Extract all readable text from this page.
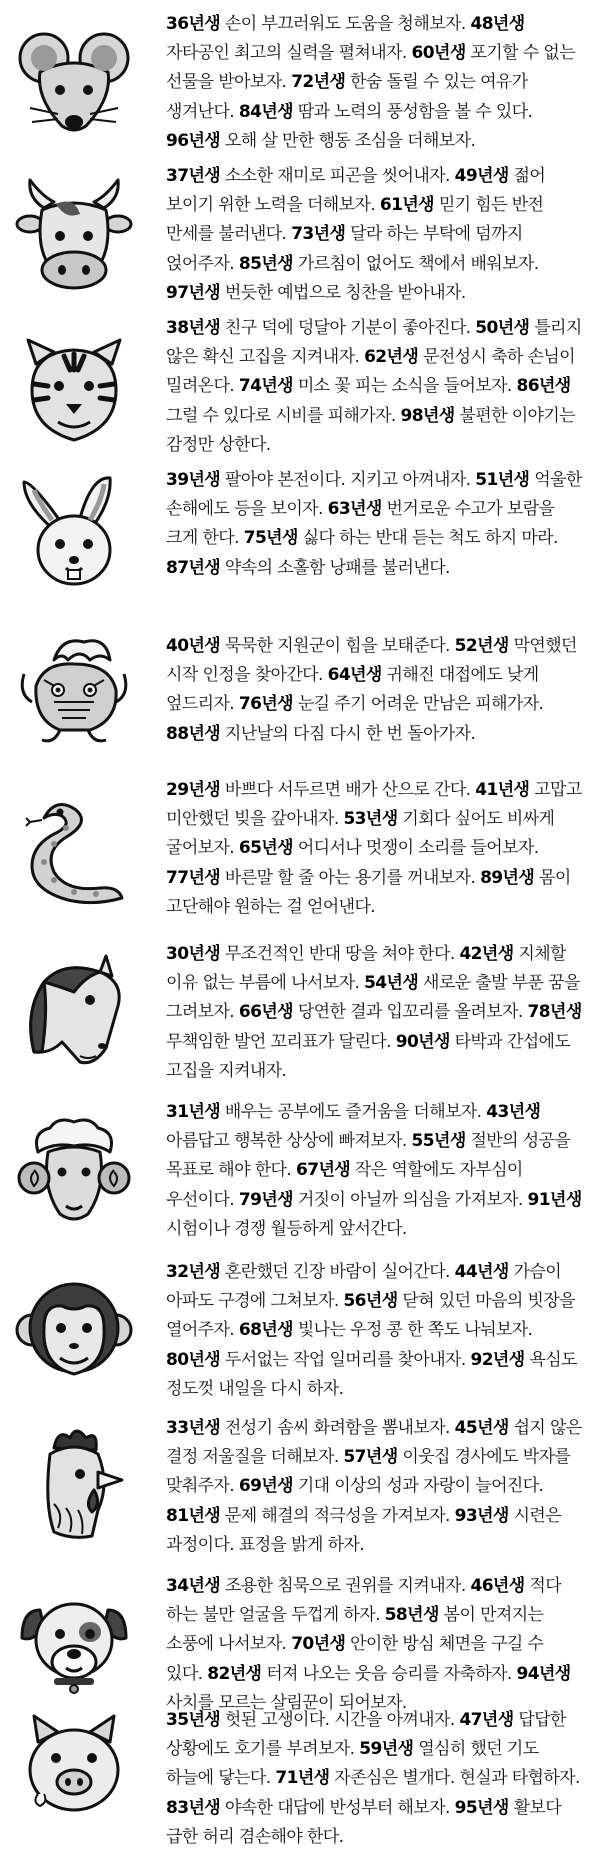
36년생 손이 부끄러워도 도움을 청해보자. 48년생 자타공인 최고의 실력을 펼쳐내자. 60년생 포기할 수 없는 선물을 받아보자. 72년생 한숨 돌릴 수 있는 여유가 생겨난다. 84년생 땀과 노력의 풍성함을 볼 수 있다. 96년생 오해 살 만한 행동 조심을 더해보자.

37년생 소소한 재미로 피곤을 씻어내자. 49년생 젊어 보이기 위한 노력을 더해보자. 61년생 믿기 힘든 반전 만세를 불러낸다. 73년생 달라 하는 부탁에 덤까지 얹어주자. 85년생 가르침이 없어도 책에서 배워보자. 97년생 번듯한 예법으로 칭찬을 받아내자.

38년생 친구 덕에 덩달아 기분이 좋아진다. 50년생 틀리지 않은 확신 고집을 지켜내자. 62년생 문전성시 축하 손님이 밀려온다. 74년생 미소 꽃 피는 소식을 들어보자. 86년생 그럴 수 있다로 시비를 피해가자. 98년생 불편한 이야기는 감정만 상한다.

39년생 팔아야 본전이다. 지키고 아껴내자. 51년생 억울한 손해에도 등을 보이자. 63년생 번거로운 수고가 보람을 크게 한다. 75년생 싫다 하는 반대 듣는 척도 하지 마라. 87년생 약속의 소홀함 낭패를 불러낸다.

40년생 묵묵한 지원군이 힘을 보태준다. 52년생 막연했던 시작 인정을 찾아간다. 64년생 귀해진 대접에도 낮게 엎드리자. 76년생 눈길 주기 어려운 만남은 피해가자. 88년생 지난날의 다짐 다시 한 번 돌아가자.

29년생 바쁘다 서두르면 배가 산으로 간다. 41년생 고맙고 미안했던 빚을 갚아내자. 53년생 기회다 싶어도 비싸게 굴어보자. 65년생 어디서나 멋쟁이 소리를 들어보자. 77년생 바른말 할 줄 아는 용기를 꺼내보자. 89년생 몸이 고단해야 원하는 걸 얻어낸다.

30년생 무조건적인 반대 땅을 쳐야 한다. 42년생 지체할 이유 없는 부름에 나서보자. 54년생 새로운 출발 부푼 꿈을 그려보자. 66년생 당연한 결과 입꼬리를 올려보자. 78년생 무책임한 발언 꼬리표가 달린다. 90년생 타박과 간섭에도 고집을 지켜내자.

31년생 배우는 공부에도 즐거움을 더해보자. 43년생 아름답고 행복한 상상에 빠져보자. 55년생 절반의 성공을 목표로 해야 한다. 67년생 작은 역할에도 자부심이 우선이다. 79년생 거짓이 아닐까 의심을 가져보자. 91년생 시험이나 경쟁 월등하게 앞서간다.

32년생 혼란했던 긴장 바람이 실어간다. 44년생 가슴이 아파도 구경에 그쳐보자. 56년생 닫혀 있던 마음의 빗장을 열어주자. 68년생 빛나는 우정 콩 한 쪽도 나눠보자. 80년생 두서없는 작업 일머리를 찾아내자. 92년생 욕심도 정도껏 내일을 다시 하자.

33년생 전성기 솜씨 화려함을 뽐내보자. 45년생 쉽지 않은 결정 저울질을 더해보자. 57년생 이웃집 경사에도 박자를 맞춰주자. 69년생 기대 이상의 성과 자랑이 늘어진다. 81년생 문제 해결의 적극성을 가져보자. 93년생 시련은 과정이다. 표정을 밝게 하자.

34년생 조용한 침묵으로 권위를 지켜내자. 46년생 적다 하는 불만 얼굴을 두껍게 하자. 58년생 봄이 만져지는 소풍에 나서보자. 70년생 안이한 방심 체면을 구길 수 있다. 82년생 터져 나오는 웃음 승리를 자축하자. 94년생 사치를 모르는 살림꾼이 되어보자.

35년생 헛된 고생이다. 시간을 아껴내자. 47년생 답답한 상황에도 호기를 부려보자. 59년생 열심히 했던 기도 하늘에 닿는다. 71년생 자존심은 별개다. 현실과 타협하자. 83년생 야속한 대답에 반성부터 해보자. 95년생 활보다 급한 허리 겸손해야 한다.
